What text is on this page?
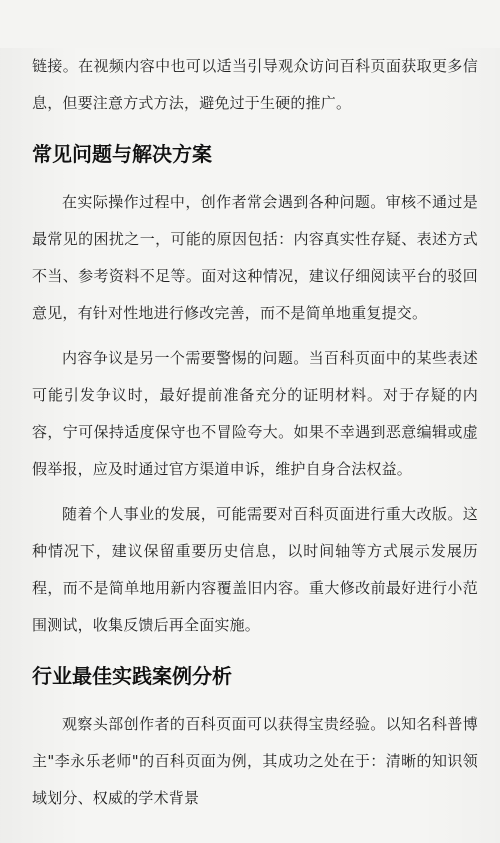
链接。在视频内容中也可以适当引导观众访问百科页面获取更多信息，但要注意方式方法，避免过于生硬的推广。

常见问题与解决方案

在实际操作过程中，创作者常会遇到各种问题。审核不通过是最常见的困扰之一，可能的原因包括：内容真实性存疑、表述方式不当、参考资料不足等。面对这种情况，建议仔细阅读平台的驳回意见，有针对性地进行修改完善，而不是简单地重复提交。

内容争议是另一个需要警惕的问题。当百科页面中的某些表述可能引发争议时，最好提前准备充分的证明材料。对于存疑的内容，宁可保持适度保守也不冒险夸大。如果不幸遇到恶意编辑或虚假举报，应及时通过官方渠道申诉，维护自身合法权益。

随着个人事业的发展，可能需要对百科页面进行重大改版。这种情况下，建议保留重要历史信息，以时间轴等方式展示发展历程，而不是简单地用新内容覆盖旧内容。重大修改前最好进行小范围测试，收集反馈后再全面实施。

行业最佳实践案例分析

观察头部创作者的百科页面可以获得宝贵经验。以知名科普博主"李永乐老师"的百科页面为例，其成功之处在于：清晰的知识领域划分、权威的学术背景
